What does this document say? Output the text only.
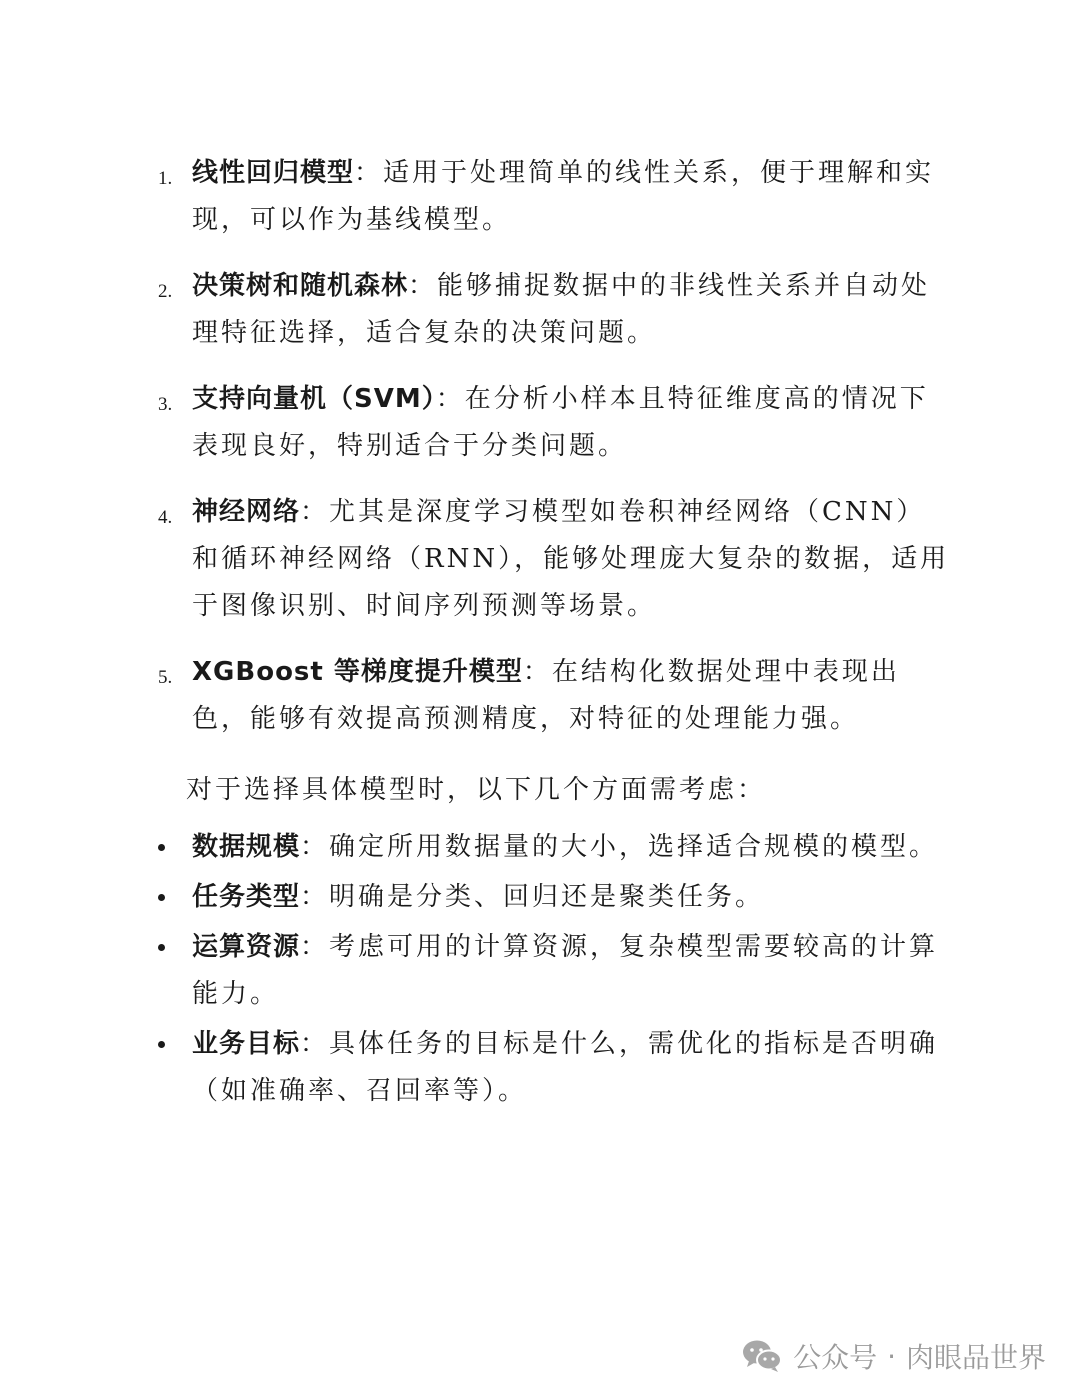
1. 线性回归模型：适用于处理简单的线性关系，便于理解和实现，可以作为基线模型。
2. 决策树和随机森林：能够捕捉数据中的非线性关系并自动处理特征选择，适合复杂的决策问题。
3. 支持向量机（SVM）：在分析小样本且特征维度高的情况下表现良好，特别适合于分类问题。
4. 神经网络：尤其是深度学习模型如卷积神经网络（CNN）和循环神经网络（RNN），能够处理庞大复杂的数据，适用于图像识别、时间序列预测等场景。
5. XGBoost 等梯度提升模型：在结构化数据处理中表现出色，能够有效提高预测精度，对特征的处理能力强。

对于选择具体模型时，以下几个方面需考虑：

数据规模：确定所用数据量的大小，选择适合规模的模型。
任务类型：明确是分类、回归还是聚类任务。
运算资源：考虑可用的计算资源，复杂模型需要较高的计算能力。
业务目标：具体任务的目标是什么，需优化的指标是否明确（如准确率、召回率等）。
公众号 · 肉眼品世界
